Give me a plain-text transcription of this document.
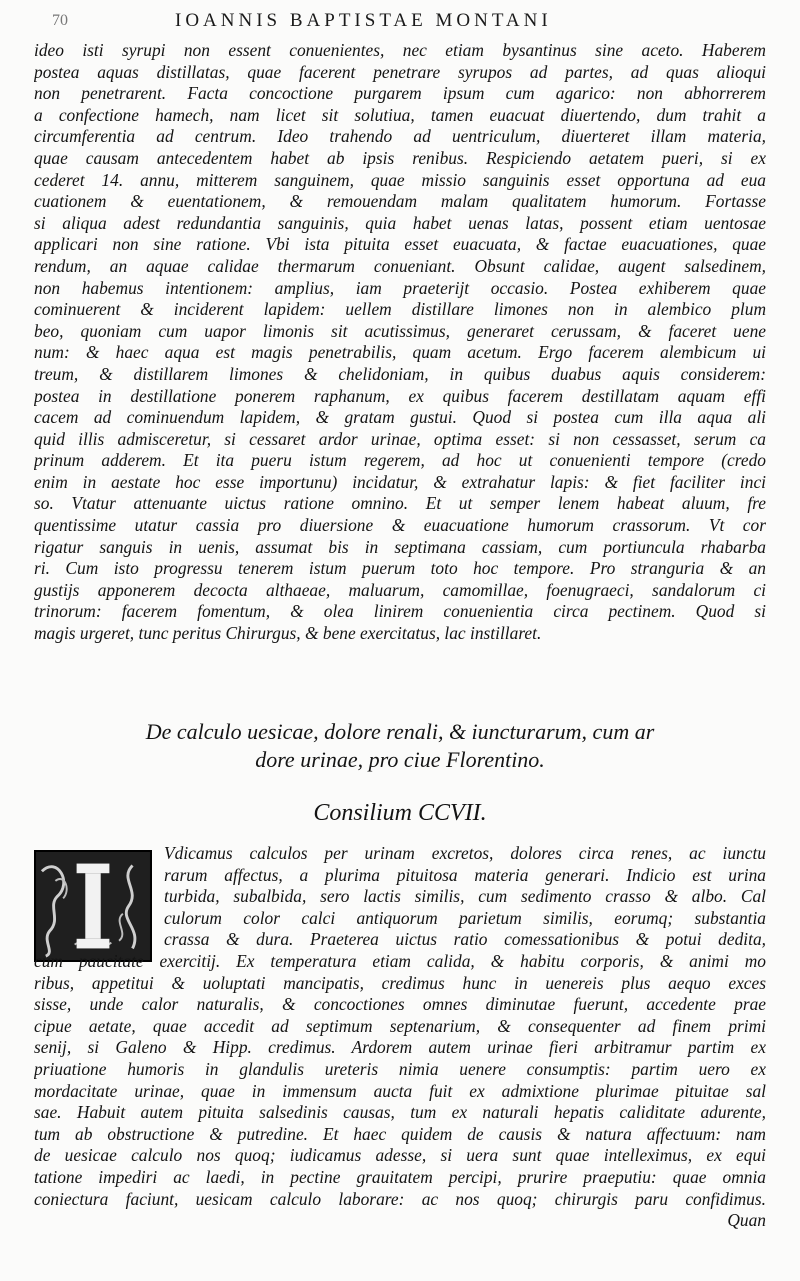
70	IOANNIS BAPTISTAE MONTANI
ideo isti syrupi non essent conuenientes, nec etiam bysantinus sine aceto. Haberem
postea aquas distillatas, quae facerent penetrare syrupos ad partes, ad quas alioqui
non penetrarent. Facta concoctione purgarem ipsum cum agarico: non abhorrerem
a confectione hamech, nam licet sit solutiua, tamen euacuat diuertendo, dum trahit a
circumferentia ad centrum. Ideo trahendo ad uentriculum, diuerteret illam materia,
quae causam antecedentem habet ab ipsis renibus. Respiciendo aetatem pueri, si ex
cederet 14. annu, mitterem sanguinem, quae missio sanguinis esset opportuna ad eua
cuationem & euentationem, & remouendam malam qualitatem humorum. Fortasse
si aliqua adest redundantia sanguinis, quia habet uenas latas, possent etiam uentosae
applicari non sine ratione. Vbi ista pituita esset euacuata, & factae euacuationes, quae
rendum, an aquae calidae thermarum conueniant. Obsunt calidae, augent salsedinem,
non habemus intentionem: amplius, iam praeterijt occasio. Postea exhiberem quae
cominuerent & inciderent lapidem: uellem distillare limones non in alembico plum
beo, quoniam cum uapor limonis sit acutissimus, generaret cerussam, & faceret uene
num: & haec aqua est magis penetrabilis, quam acetum. Ergo facerem alembicum ui
treum, & distillarem limones & chelidoniam, in quibus duabus aquis considerem:
postea in destillatione ponerem raphanum, ex quibus facerem destillatam aquam effi
cacem ad cominuendum lapidem, & gratam gustui. Quod si postea cum illa aqua ali
quid illis admisceretur, si cessaret ardor urinae, optima esset: si non cessasset, serum ca
prinum adderem. Et ita pueru istum regerem, ad hoc ut conuenienti tempore (credo
enim in aestate hoc esse importunu) incidatur, & extrahatur lapis: & fiet faciliter inci
so. Vtatur attenuante uictus ratione omnino. Et ut semper lenem habeat aluum, fre
quentissime utatur cassia pro diuersione & euacuatione humorum crassorum. Vt cor
rigatur sanguis in uenis, assumat bis in septimana cassiam, cum portiuncula rhabarba
ri. Cum isto progressu tenerem istum puerum toto hoc tempore. Pro stranguria & an
gustijs apponerem decocta althaeae, maluarum, camomillae, foenugraeci, sandalorum ci
trinorum: facerem fomentum, & olea linirem conuenientia circa pectinem. Quod si
magis urgeret, tunc peritus Chirurgus, & bene exercitatus, lac instillaret.
De calculo uesicae, dolore renali, & iuncturarum, cum ar
dore urinae, pro ciue Florentino.
Consilium CCVII.
Vdicamus calculos per urinam excretos, dolores circa renes, ac iunctu
rarum affectus, a plurima pituitosa materia generari. Indicio est urina
turbida, subalbida, sero lactis similis, cum sedimento crasso & albo. Cal
culorum color calci antiquorum parietum similis, eorumq; substantia
crassa & dura. Praeterea uictus ratio comessationibus & potui dedita,
cum paucitate exercitij. Ex temperatura etiam calida, & habitu corporis, & animi mo
ribus, appetitui & uoluptati mancipatis, credimus hunc in uenereis plus aequo exces
sisse, unde calor naturalis, & concoctiones omnes diminutae fuerunt, accedente prae
cipue aetate, quae accedit ad septimum septenarium, & consequenter ad finem primi
senij, si Galeno & Hipp. credimus. Ardorem autem urinae fieri arbitramur partim ex
priuatione humoris in glandulis ureteris nimia uenere consumptis: partim uero ex
mordacitate urinae, quae in immensum aucta fuit ex admixtione plurimae pituitae sal
sae. Habuit autem pituita salsedinis causas, tum ex naturali hepatis caliditate adurente,
tum ab obstructione & putredine. Et haec quidem de causis & natura affectuum: nam
de uesicae calculo nos quoq; iudicamus adesse, si uera sunt quae intelleximus, ex equi
tatione impediri ac laedi, in pectine grauitatem percipi, prurire praeputiu: quae omnia
coniectura faciunt, uesicam calculo laborare: ac nos quoq; chirurgis paru confidimus.
Quan
